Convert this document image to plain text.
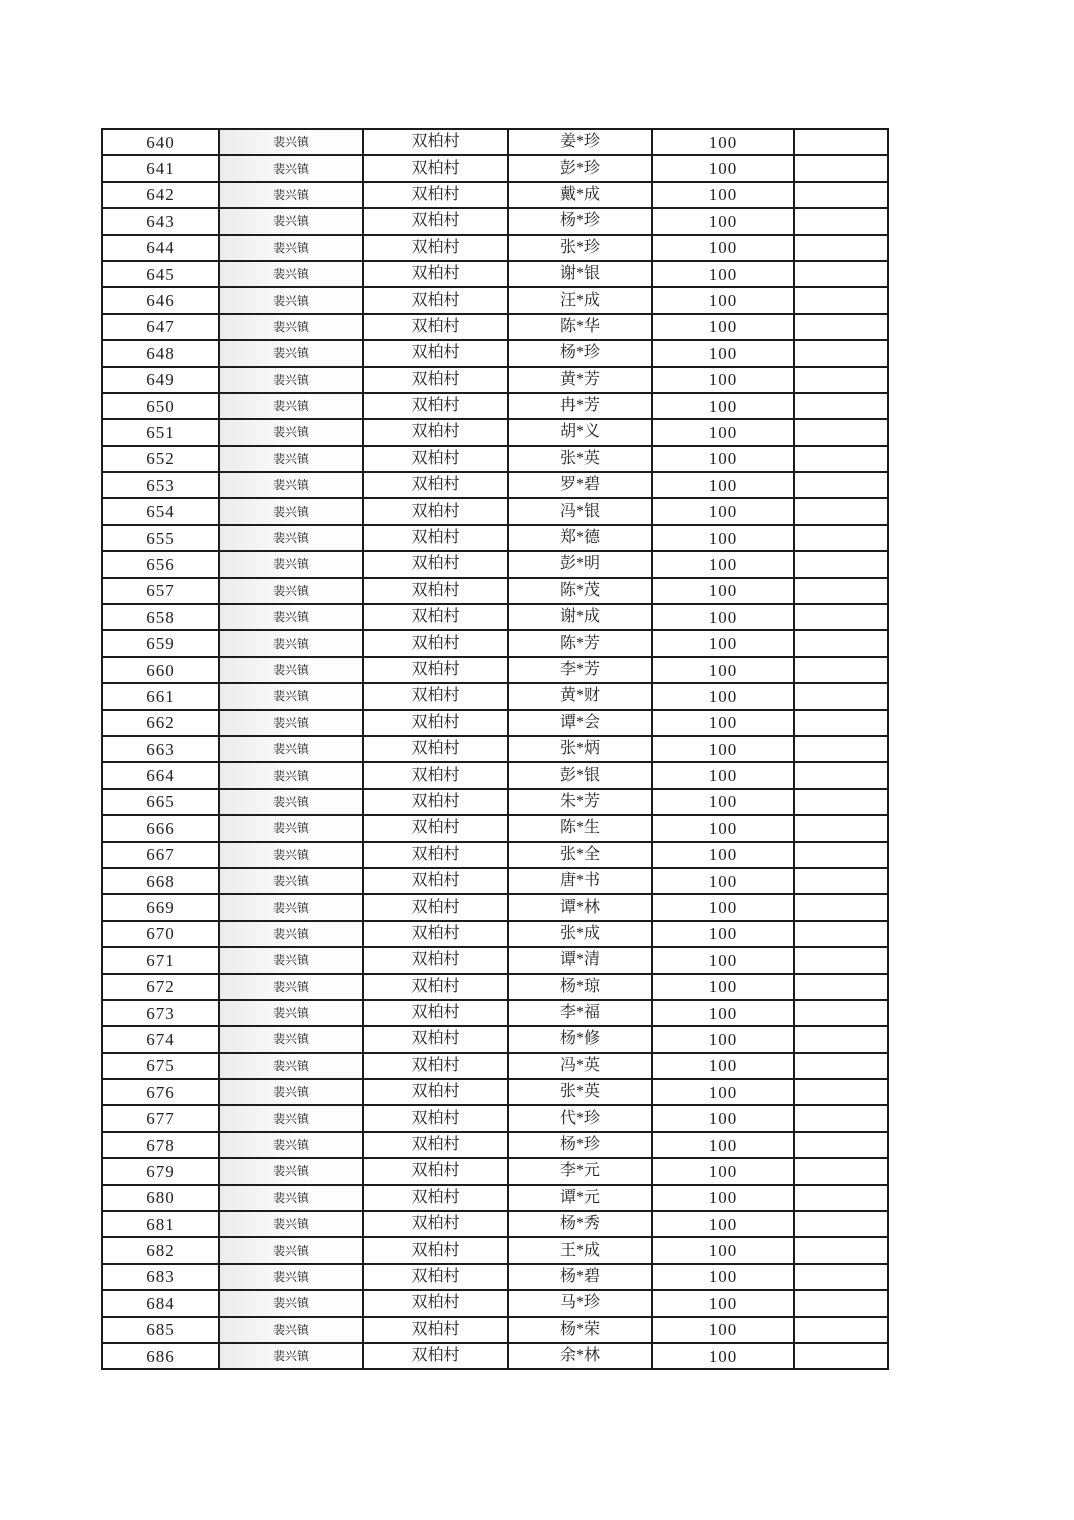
640	裴兴镇	双柏村	姜*珍	100	
641	裴兴镇	双柏村	彭*珍	100	
642	裴兴镇	双柏村	戴*成	100	
643	裴兴镇	双柏村	杨*珍	100	
644	裴兴镇	双柏村	张*珍	100	
645	裴兴镇	双柏村	谢*银	100	
646	裴兴镇	双柏村	汪*成	100	
647	裴兴镇	双柏村	陈*华	100	
648	裴兴镇	双柏村	杨*珍	100	
649	裴兴镇	双柏村	黄*芳	100	
650	裴兴镇	双柏村	冉*芳	100	
651	裴兴镇	双柏村	胡*义	100	
652	裴兴镇	双柏村	张*英	100	
653	裴兴镇	双柏村	罗*碧	100	
654	裴兴镇	双柏村	冯*银	100	
655	裴兴镇	双柏村	郑*德	100	
656	裴兴镇	双柏村	彭*明	100	
657	裴兴镇	双柏村	陈*茂	100	
658	裴兴镇	双柏村	谢*成	100	
659	裴兴镇	双柏村	陈*芳	100	
660	裴兴镇	双柏村	李*芳	100	
661	裴兴镇	双柏村	黄*财	100	
662	裴兴镇	双柏村	谭*会	100	
663	裴兴镇	双柏村	张*炳	100	
664	裴兴镇	双柏村	彭*银	100	
665	裴兴镇	双柏村	朱*芳	100	
666	裴兴镇	双柏村	陈*生	100	
667	裴兴镇	双柏村	张*全	100	
668	裴兴镇	双柏村	唐*书	100	
669	裴兴镇	双柏村	谭*林	100	
670	裴兴镇	双柏村	张*成	100	
671	裴兴镇	双柏村	谭*清	100	
672	裴兴镇	双柏村	杨*琼	100	
673	裴兴镇	双柏村	李*福	100	
674	裴兴镇	双柏村	杨*修	100	
675	裴兴镇	双柏村	冯*英	100	
676	裴兴镇	双柏村	张*英	100	
677	裴兴镇	双柏村	代*珍	100	
678	裴兴镇	双柏村	杨*珍	100	
679	裴兴镇	双柏村	李*元	100	
680	裴兴镇	双柏村	谭*元	100	
681	裴兴镇	双柏村	杨*秀	100	
682	裴兴镇	双柏村	王*成	100	
683	裴兴镇	双柏村	杨*碧	100	
684	裴兴镇	双柏村	马*珍	100	
685	裴兴镇	双柏村	杨*荣	100	
686	裴兴镇	双柏村	余*林	100	
